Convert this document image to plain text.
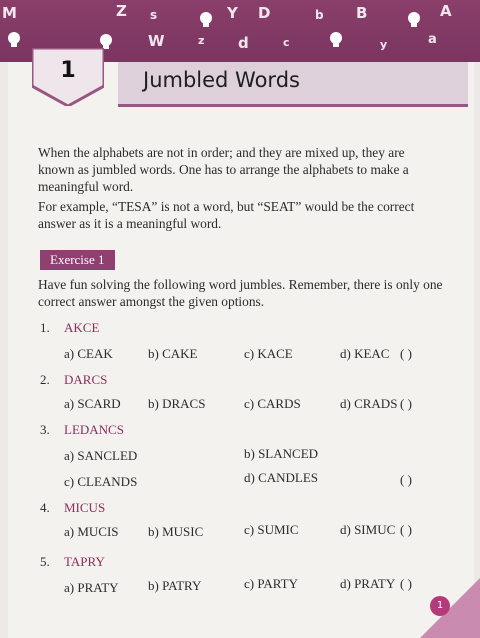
M	Z s	Y D	b B	A
W	z d	c	y	a
1	Jumbled Words

When the alphabets are not in order; and they are mixed up, they are known as jumbled words. One has to arrange the alphabets to make a meaningful word.

For example, “TESA” is not a word, but “SEAT” would be the correct answer as it is a meaningful word.

Exercise 1

Have fun solving the following word jumbles. Remember, there is only one correct answer amongst the given options.

1. AKCE
a) CEAK	b) CAKE	c) KACE	d) KEAC ( )
2. DARCS
a) SCARD b) DRACS	c) CARDS	d) CRADS ( )
3. LEDANCS
a) SANCLED	b) SLANCED
c) CLEANDS	d) CANDLES	( )
4. MICUS
a) MUCIS b) MUSIC	c) SUMIC	d) SIMUC ( )
5. TAPRY
a) PRATY b) PATRY	c) PARTY	d) PRATY ( )
1
